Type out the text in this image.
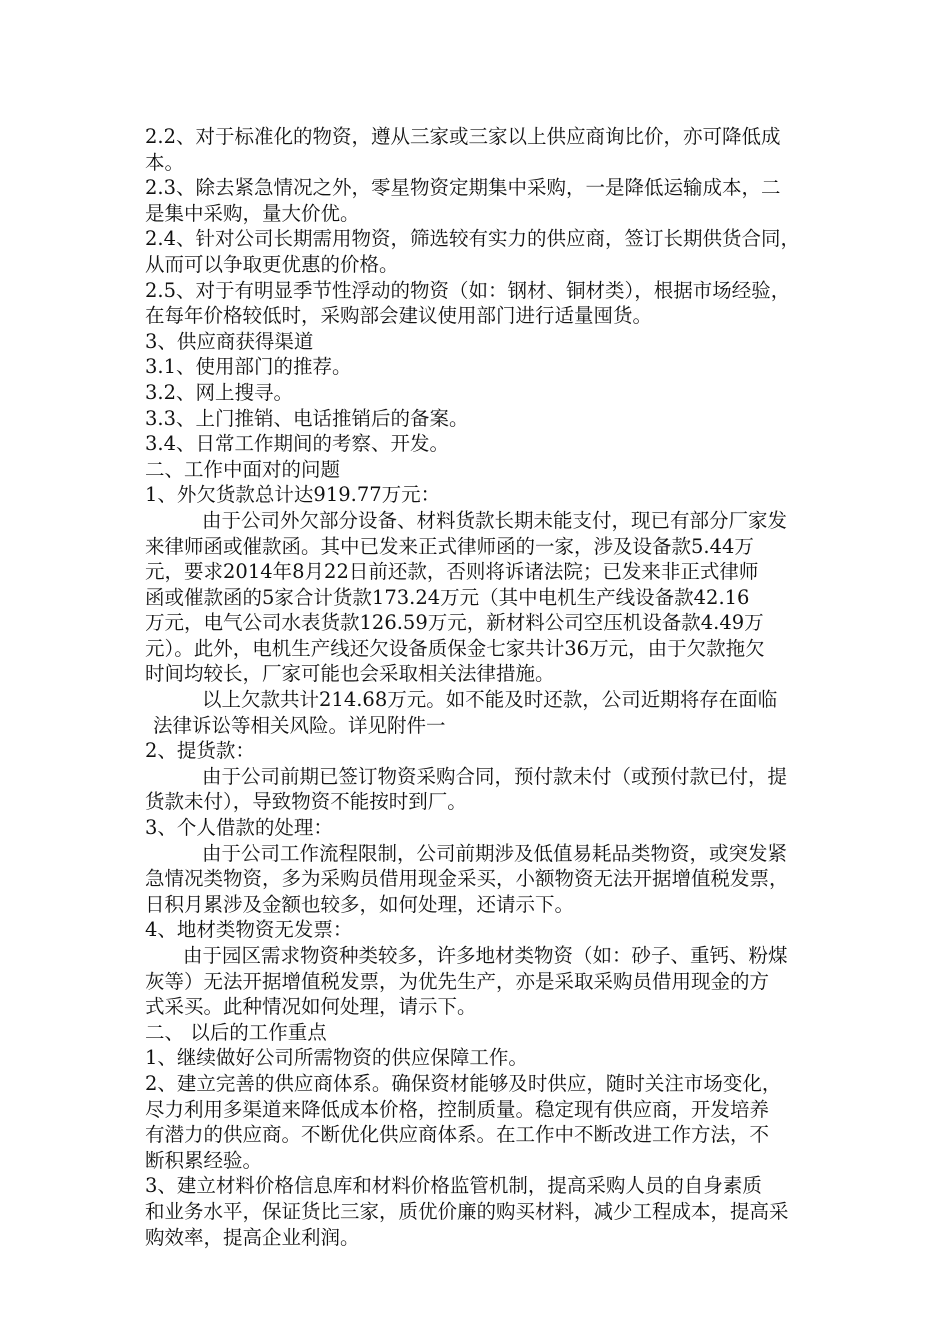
2.2、对于标准化的物资，遵从三家或三家以上供应商询比价，亦可降低成
本。
2.3、除去紧急情况之外，零星物资定期集中采购，一是降低运输成本，二
是集中采购，量大价优。
2.4、针对公司长期需用物资，筛选较有实力的供应商，签订长期供货合同，
从而可以争取更优惠的价格。
2.5、对于有明显季节性浮动的物资（如：钢材、铜材类），根据市场经验，
在每年价格较低时，采购部会建议使用部门进行适量囤货。
3、供应商获得渠道
3.1、使用部门的推荐。
3.2、网上搜寻。
3.3、上门推销、电话推销后的备案。
3.4、日常工作期间的考察、开发。
二、工作中面对的问题
1、外欠货款总计达919.77万元：
由于公司外欠部分设备、材料货款长期未能支付，现已有部分厂家发
来律师函或催款函。其中已发来正式律师函的一家，涉及设备款5.44万
元，要求2014年8月22日前还款，否则将诉诸法院；已发来非正式律师
函或催款函的5家合计货款173.24万元（其中电机生产线设备款42.16
万元，电气公司水表货款126.59万元，新材料公司空压机设备款4.49万
元）。此外，电机生产线还欠设备质保金七家共计36万元，由于欠款拖欠
时间均较长，厂家可能也会采取相关法律措施。
以上欠款共计214.68万元。如不能及时还款，公司近期将存在面临
法律诉讼等相关风险。详见附件一
2、提货款：
由于公司前期已签订物资采购合同，预付款未付（或预付款已付，提
货款未付），导致物资不能按时到厂。
3、个人借款的处理：
由于公司工作流程限制，公司前期涉及低值易耗品类物资，或突发紧
急情况类物资，多为采购员借用现金采买，小额物资无法开据增值税发票，
日积月累涉及金额也较多，如何处理，还请示下。
4、地材类物资无发票：
由于园区需求物资种类较多，许多地材类物资（如：砂子、重钙、粉煤
灰等）无法开据增值税发票，为优先生产，亦是采取采购员借用现金的方
式采买。此种情况如何处理，请示下。
二、 以后的工作重点
1、继续做好公司所需物资的供应保障工作。
2、建立完善的供应商体系。确保资材能够及时供应，随时关注市场变化，
尽力利用多渠道来降低成本价格，控制质量。稳定现有供应商，开发培养
有潜力的供应商。不断优化供应商体系。在工作中不断改进工作方法，不
断积累经验。
3、建立材料价格信息库和材料价格监管机制，提高采购人员的自身素质
和业务水平，保证货比三家，质优价廉的购买材料，减少工程成本，提高采
购效率，提高企业利润。
